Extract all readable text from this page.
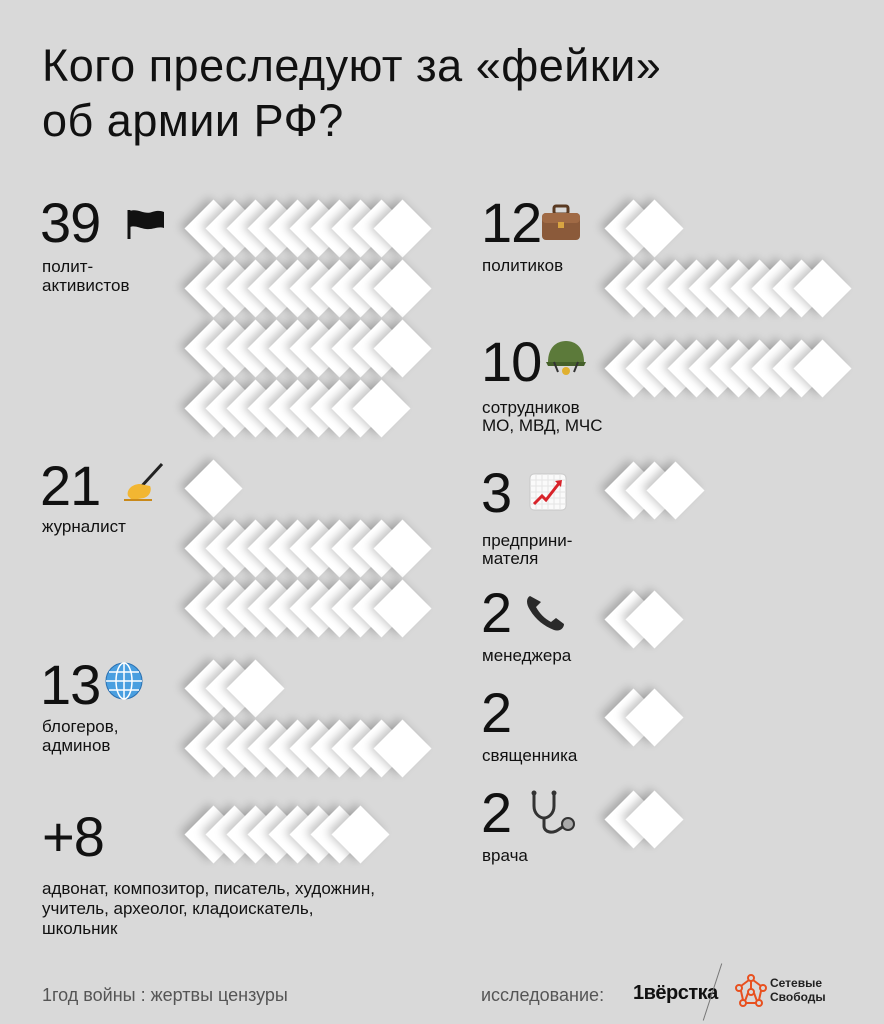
Кого преследуют за «фейки»
об армии РФ?
39
полит-
активистов
21
журналист
13
блогеров,
админов
+8
адвонат, композитор, писатель, художнин,
учитель, археолог, кладоискатель,
школьник
12
политиков
10
сотрудников
МО, МВД, МЧС
3
предприни-
мателя
2
менеджера
2
священника
2
врача
1год войны : жертвы цензуры	исследование: 1вёрстка	Сетевые
Свободы
